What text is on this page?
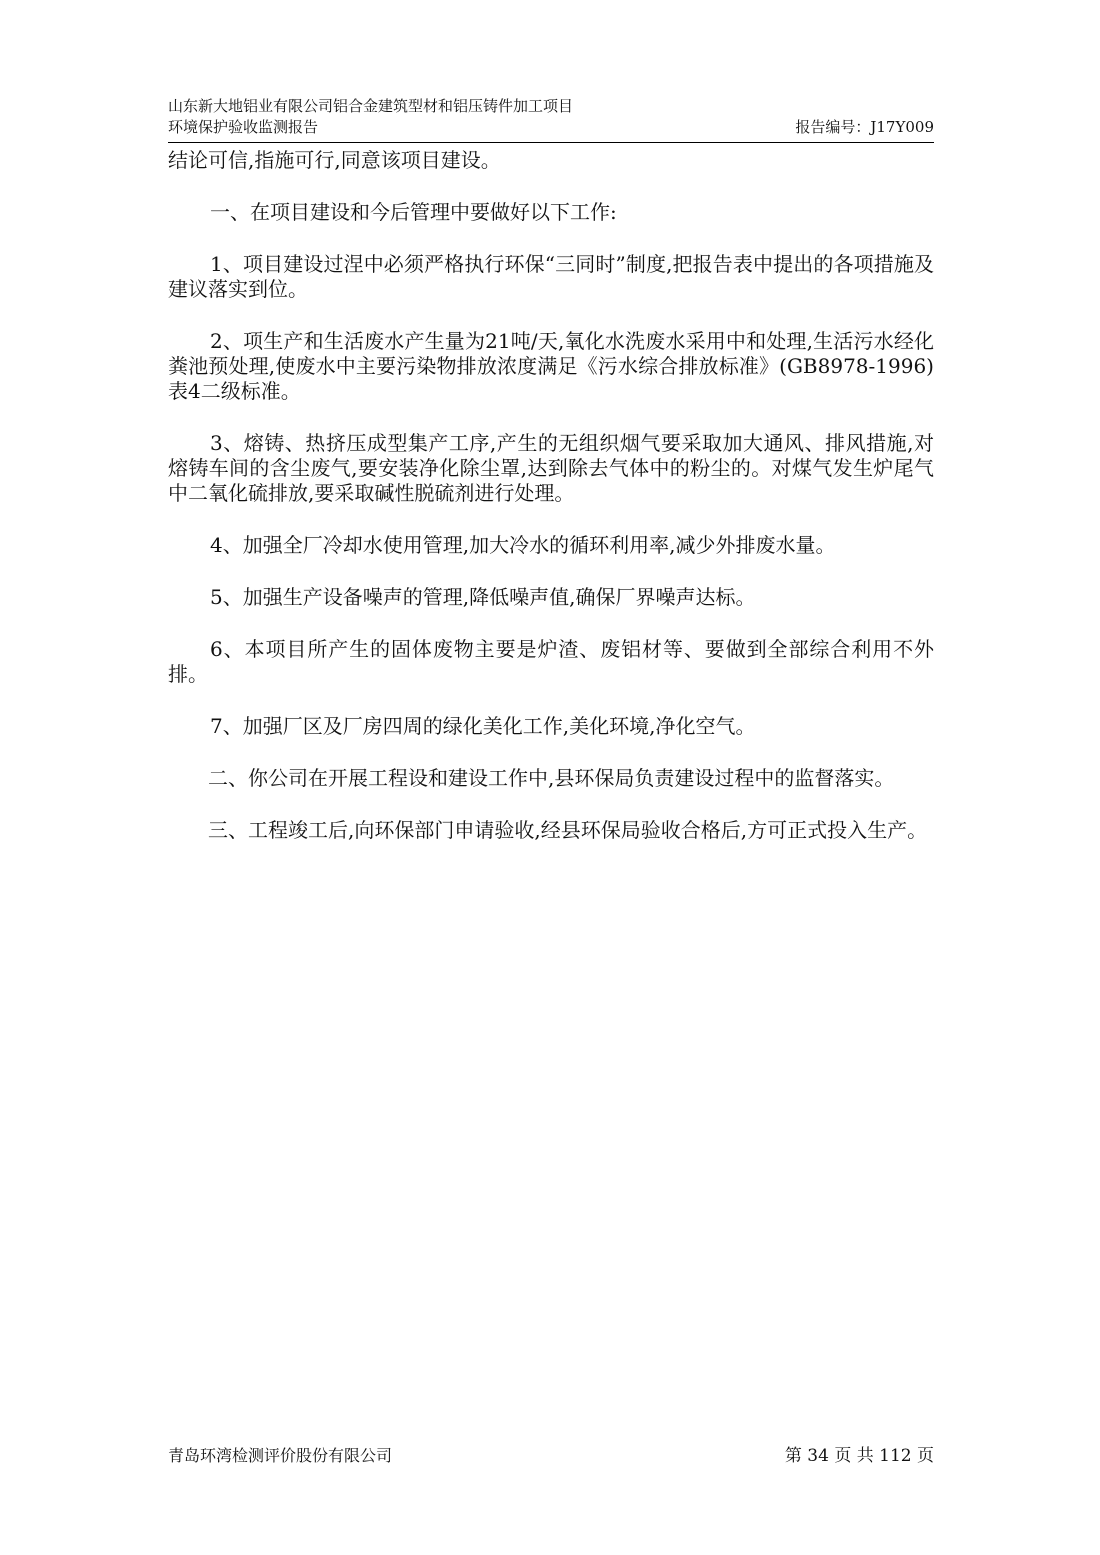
山东新大地铝业有限公司铝合金建筑型材和铝压铸件加工项目
环境保护验收监测报告	报告编号：J17Y009

结论可信,指施可行,同意该项目建设。

一、在项目建设和今后管理中要做好以下工作:

1、项目建设过涅中必须严格执行环保“三同时”制度,把报告表中提出的各项措施及建议落实到位。

2、项生产和生活废水产生量为21吨/天,氧化水洗废水采用中和处理,生活污水经化粪池预处理,使废水中主要污染物排放浓度满足《污水综合排放标准》(GB8978-1996)表4二级标准。

3、熔铸、热挤压成型集产工序,产生的无组织烟气要采取加大通风、排风措施,对熔铸车间的含尘废气,要安装净化除尘罩,达到除去气体中的粉尘的。对煤气发生炉尾气中二氧化硫排放,要采取碱性脱硫剂进行处理。

4、加强全厂冷却水使用管理,加大冷水的循环利用率,减少外排废水量。

5、加强生产设备噪声的管理,降低噪声值,确保厂界噪声达标。

6、本项目所产生的固体废物主要是炉渣、废铝材等、要做到全部综合利用不外排。

7、加强厂区及厂房四周的绿化美化工作,美化环境,净化空气。

二、你公司在开展工程设和建设工作中,县环保局负责建设过程中的监督落实。

三、工程竣工后,向环保部门申请验收,经县环保局验收合格后,方可正式投入生产。

青岛环湾检测评价股份有限公司	第 34 页 共 112 页
